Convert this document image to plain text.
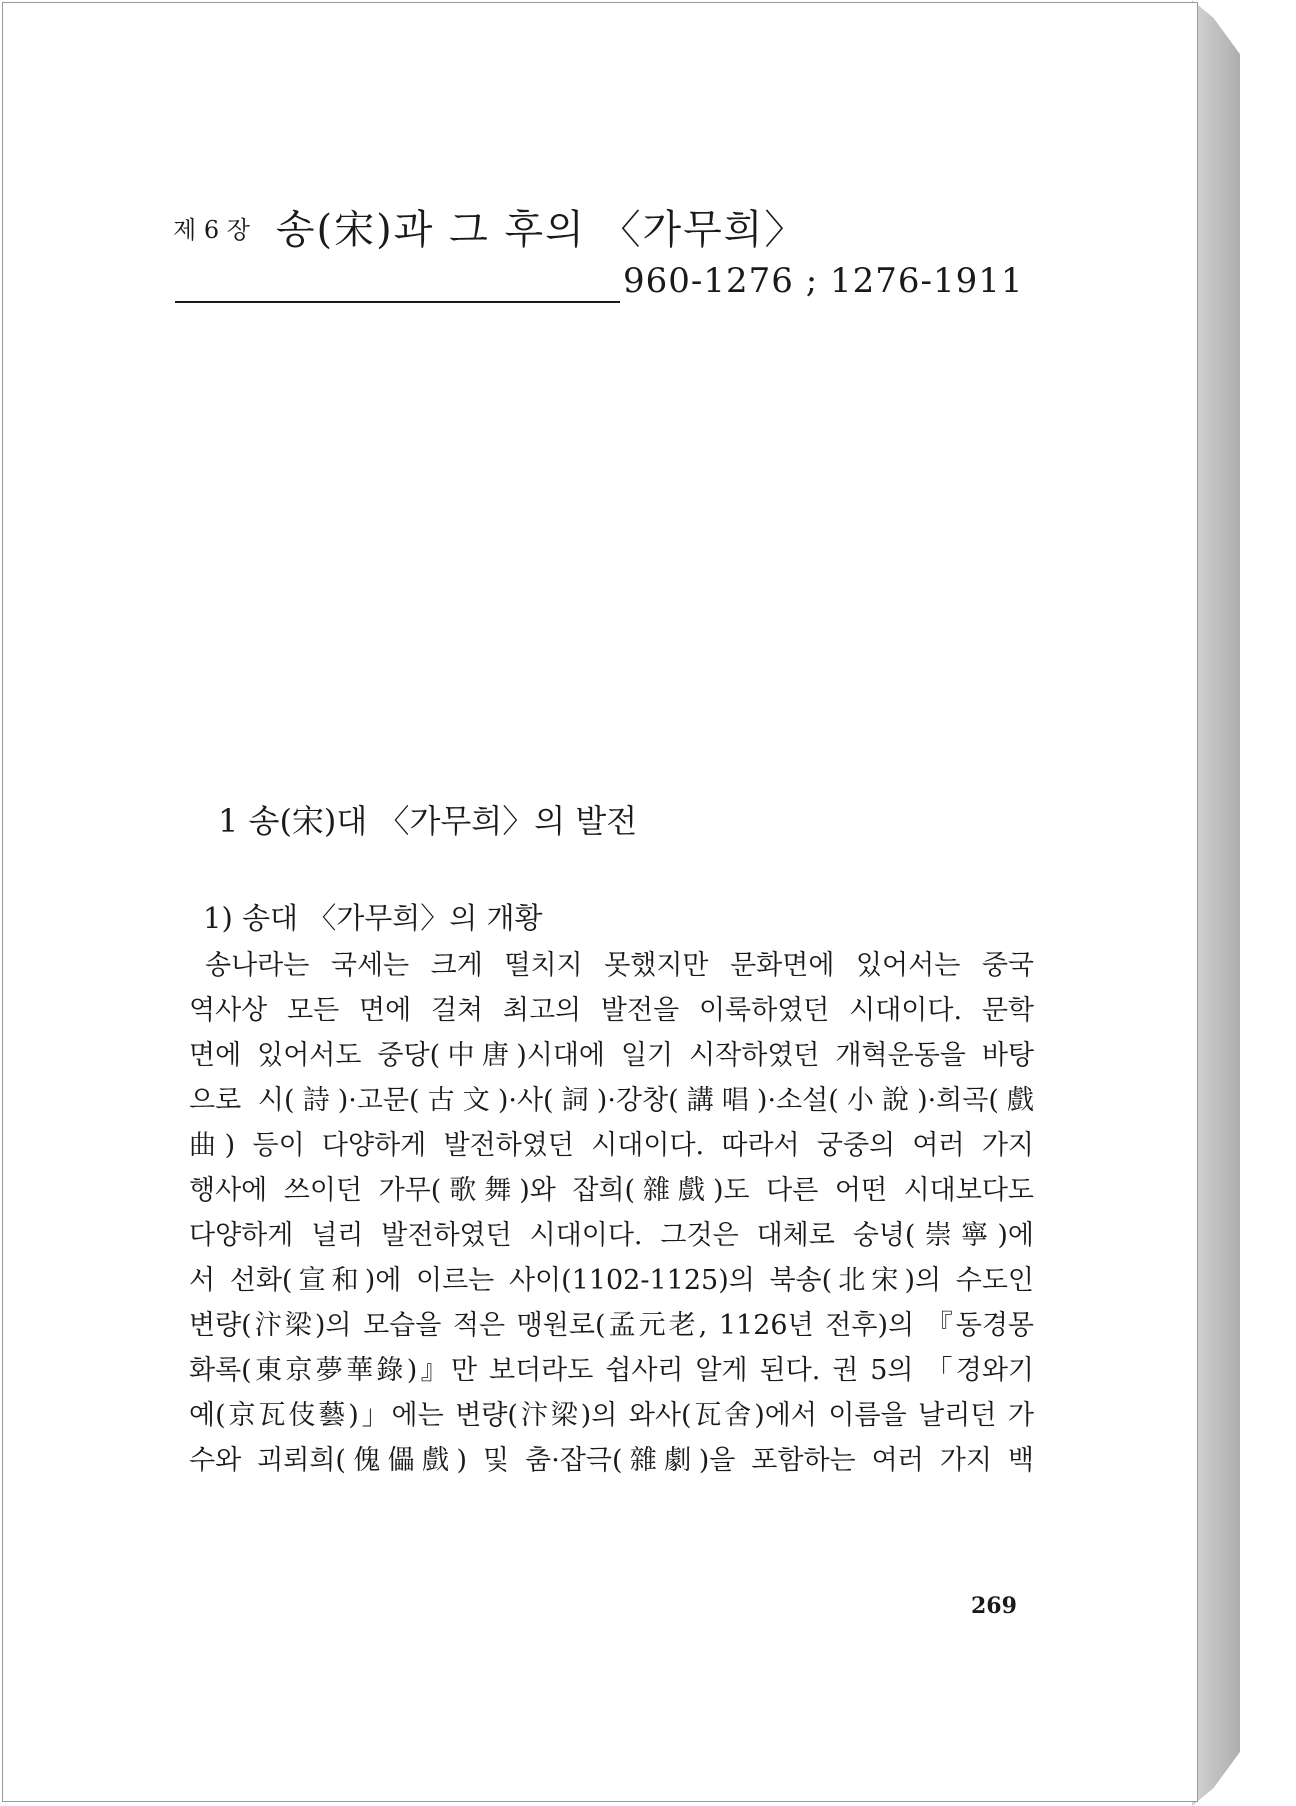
제 6 장 송(宋)과 그 후의 〈가무희〉
960-1276 ; 1276-1911
1 송(宋)대 〈가무희〉의 발전
1) 송대 〈가무희〉의 개황
송나라는 국세는 크게 떨치지 못했지만 문화면에 있어서는 중국
역사상 모든 면에 걸쳐 최고의 발전을 이룩하였던 시대이다. 문학
면에 있어서도 중당(中唐)시대에 일기 시작하였던 개혁운동을 바탕
으로 시(詩)·고문(古文)·사(詞)·강창(講唱)·소설(小說)·희곡(戲
曲) 등이 다양하게 발전하였던 시대이다. 따라서 궁중의 여러 가지
행사에 쓰이던 가무(歌舞)와 잡희(雜戲)도 다른 어떤 시대보다도
다양하게 널리 발전하였던 시대이다. 그것은 대체로 숭녕(崇寧)에
서 선화(宣和)에 이르는 사이(1102-1125)의 북송(北宋)의 수도인
변량(汴梁)의 모습을 적은 맹원로(孟元老, 1126년 전후)의 『동경몽
화록(東京夢華錄)』만 보더라도 쉽사리 알게 된다. 권 5의 「경와기
예(京瓦伎藝)」에는 변량(汴梁)의 와사(瓦舍)에서 이름을 날리던 가
수와 괴뢰희(傀儡戲) 및 춤·잡극(雜劇)을 포함하는 여러 가지 백
269
